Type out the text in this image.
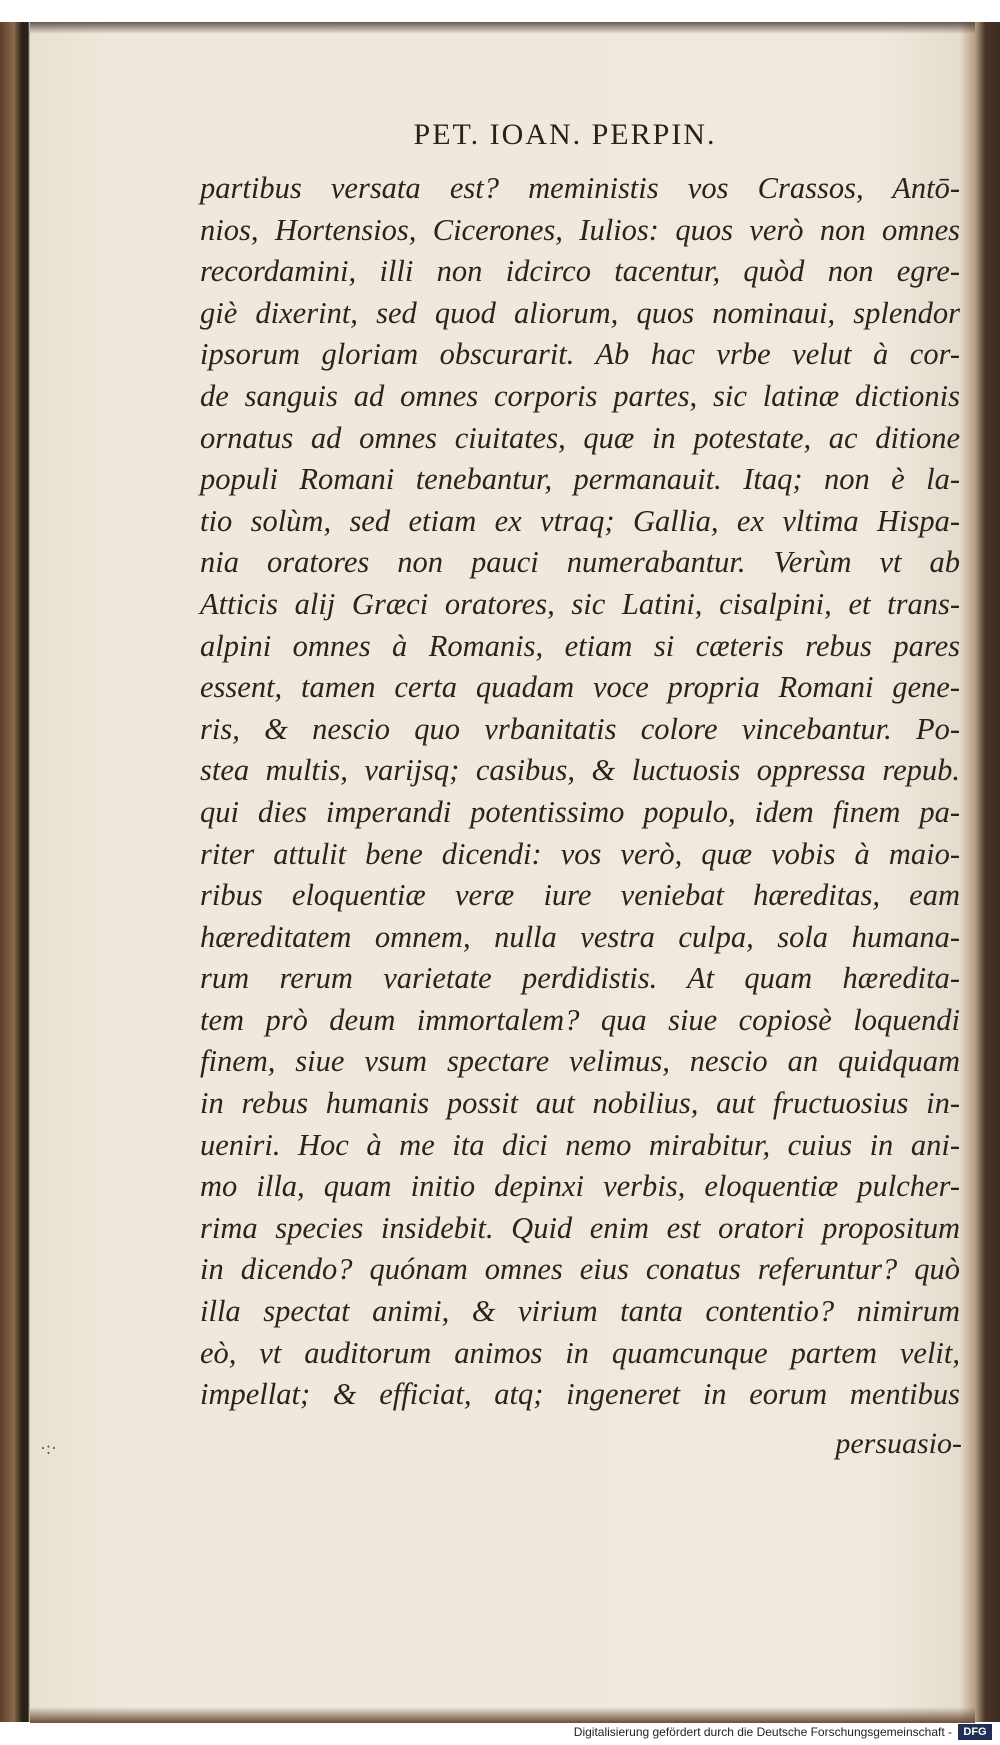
PET. IOAN. PERPIN.
partibus versata est? meministis vos Crassos, Antō-
nios, Hortensios, Cicerones, Iulios: quos verò non omnes
recordamini, illi non idcirco tacentur, quòd non egre-
giè dixerint, sed quod aliorum, quos nominaui, splendor
ipsorum gloriam obscurarit. Ab hac vrbe velut à cor-
de sanguis ad omnes corporis partes, sic latinæ dictionis
ornatus ad omnes ciuitates, quæ in potestate, ac ditione
populi Romani tenebantur, permanauit. Itaq; non è la-
tio solùm, sed etiam ex vtraq; Gallia, ex vltima Hispa-
nia oratores non pauci numerabantur. Verùm vt ab
Atticis alij Græci oratores, sic Latini, cisalpini, et trans-
alpini omnes à Romanis, etiam si cæteris rebus pares
essent, tamen certa quadam voce propria Romani gene-
ris, & nescio quo vrbanitatis colore vincebantur. Po-
stea multis, varijsq; casibus, & luctuosis oppressa repub.
qui dies imperandi potentissimo populo, idem finem pa-
riter attulit bene dicendi: vos verò, quæ vobis à maio-
ribus eloquentiæ veræ iure veniebat hæreditas, eam
hæreditatem omnem, nulla vestra culpa, sola humana-
rum rerum varietate perdidistis. At quam hæredita-
tem prò deum immortalem? qua siue copiosè loquendi
finem, siue vsum spectare velimus, nescio an quidquam
in rebus humanis possit aut nobilius, aut fructuosius in-
ueniri. Hoc à me ita dici nemo mirabitur, cuius in ani-
mo illa, quam initio depinxi verbis, eloquentiæ pulcher-
rima species insidebit. Quid enim est oratori propositum
in dicendo? quónam omnes eius conatus referuntur? quò
illa spectat animi, & virium tanta contentio? nimirum
eò, vt auditorum animos in quamcunque partem velit,
impellat; & efficiat, atq; ingeneret in eorum mentibus
persuasio-
·:·
Digitalisierung gefördert durch die Deutsche Forschungsgemeinschaft -	DFG
